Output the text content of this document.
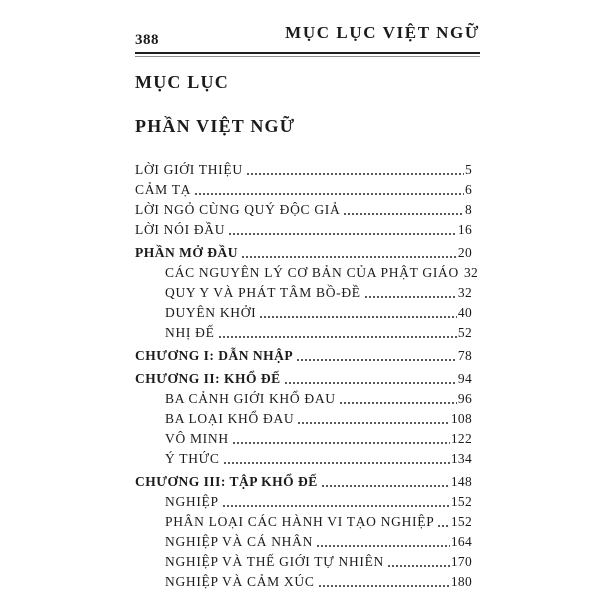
388	MỤC LỤC VIỆT NGỮ
MỤC LỤC
PHẦN VIỆT NGỮ
LỜI GIỚI THIỆU	5
CẢM TẠ	6
LỜI NGỎ CÙNG QUÝ ĐỘC GIẢ	8
LỜI NÓI ĐẦU	16
PHẦN MỞ ĐẦU	20
CÁC NGUYÊN LÝ CƠ BẢN CỦA PHẬT GIÁO 32
QUY Y VÀ PHÁT TÂM BỒ-ĐỀ	32
DUYÊN KHỞI	40
NHỊ ĐẾ	52
CHƯƠNG I: DẪN NHẬP	78
CHƯƠNG II: KHỔ ĐẾ	94
BA CẢNH GIỚI KHỔ ĐAU	96
BA LOẠI KHỔ ĐAU	108
VÔ MINH	122
Ý THỨC	134
CHƯƠNG III: TẬP KHỔ ĐẾ	148
NGHIỆP	152
PHÂN LOẠI CÁC HÀNH VI TẠO NGHIỆP 152
NGHIỆP VÀ CÁ NHÂN	164
NGHIỆP VÀ THẾ GIỚI TỰ NHIÊN	170
NGHIỆP VÀ CẢM XÚC	180
